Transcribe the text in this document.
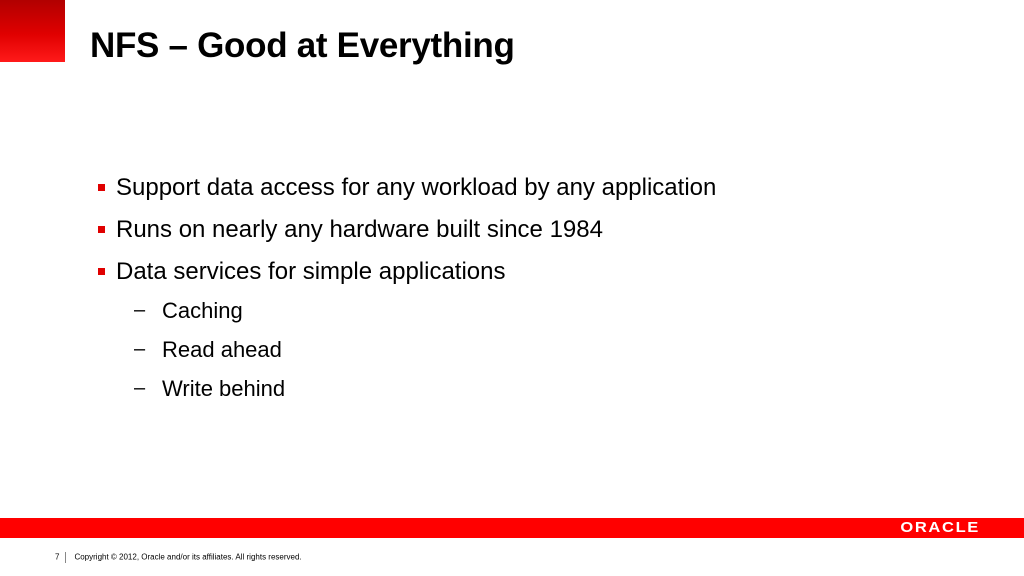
NFS – Good at Everything
Support data access for any workload by any application
Runs on nearly any hardware built since 1984
Data services for simple applications
– Caching
– Read ahead
– Write behind
ORACLE
7 Copyright © 2012, Oracle and/or its affiliates. All rights reserved.
